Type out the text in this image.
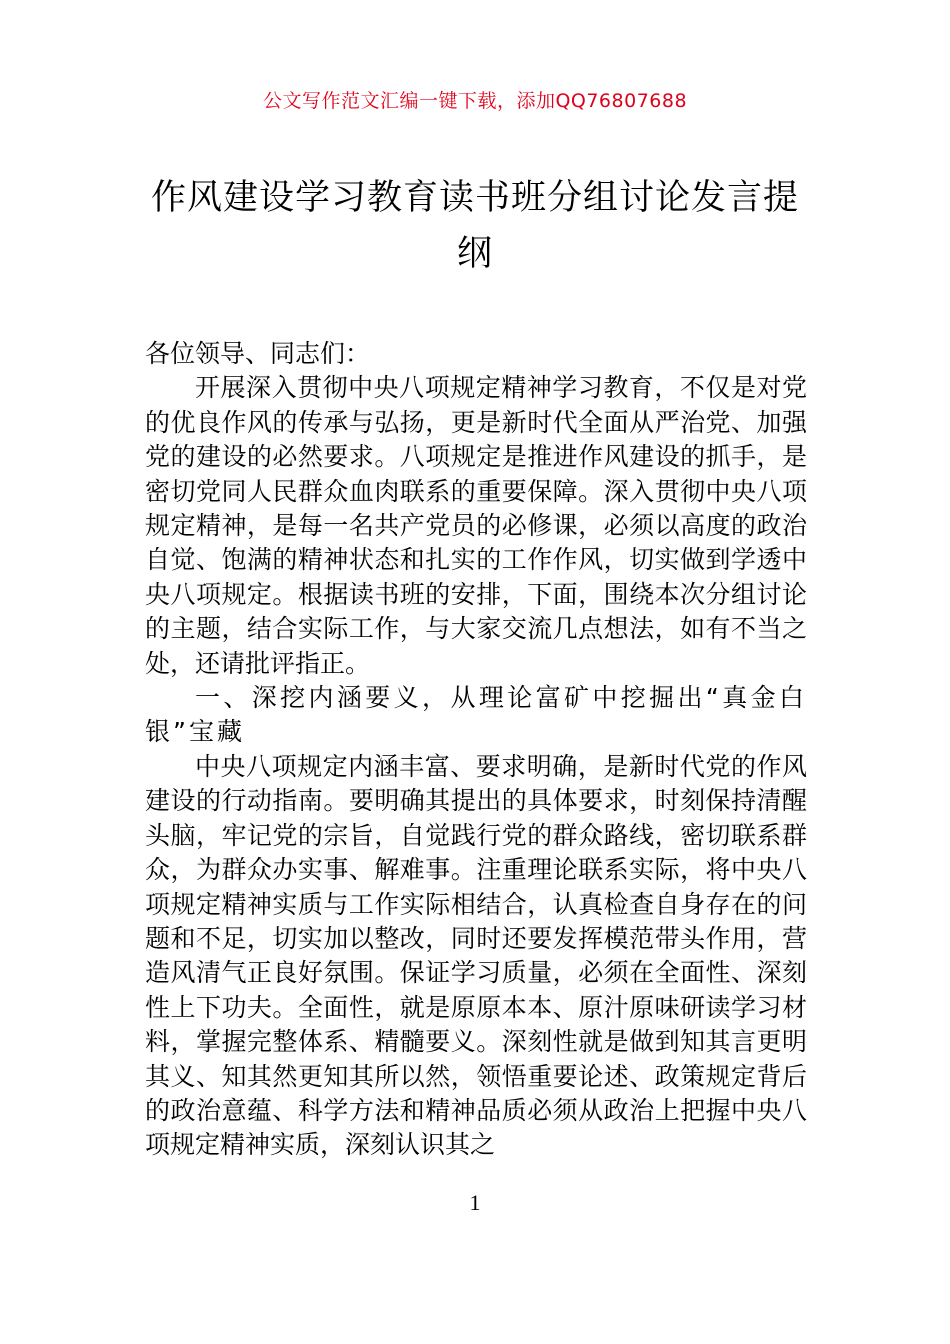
公文写作范文汇编一键下载，添加QQ76807688
作风建设学习教育读书班分组讨论发言提纲

各位领导、同志们：

开展深入贯彻中央八项规定精神学习教育，不仅是对党的优良作风的传承与弘扬，更是新时代全面从严治党、加强党的建设的必然要求。八项规定是推进作风建设的抓手，是密切党同人民群众血肉联系的重要保障。深入贯彻中央八项规定精神，是每一名共产党员的必修课，必须以高度的政治自觉、饱满的精神状态和扎实的工作作风，切实做到学透中央八项规定。根据读书班的安排，下面，围绕本次分组讨论的主题，结合实际工作，与大家交流几点想法，如有不当之处，还请批评指正。

一、深挖内涵要义，从理论富矿中挖掘出“真金白银”宝藏

中央八项规定内涵丰富、要求明确，是新时代党的作风建设的行动指南。要明确其提出的具体要求，时刻保持清醒头脑，牢记党的宗旨，自觉践行党的群众路线，密切联系群众，为群众办实事、解难事。注重理论联系实际，将中央八项规定精神实质与工作实际相结合，认真检查自身存在的问题和不足，切实加以整改，同时还要发挥模范带头作用，营造风清气正良好氛围。保证学习质量，必须在全面性、深刻性上下功夫。全面性，就是原原本本、原汁原味研读学习材料，掌握完整体系、精髓要义。深刻性就是做到知其言更明其义、知其然更知其所以然，领悟重要论述、政策规定背后的政治意蕴、科学方法和精神品质必须从政治上把握中央八项规定精神实质，深刻认识其之

1
